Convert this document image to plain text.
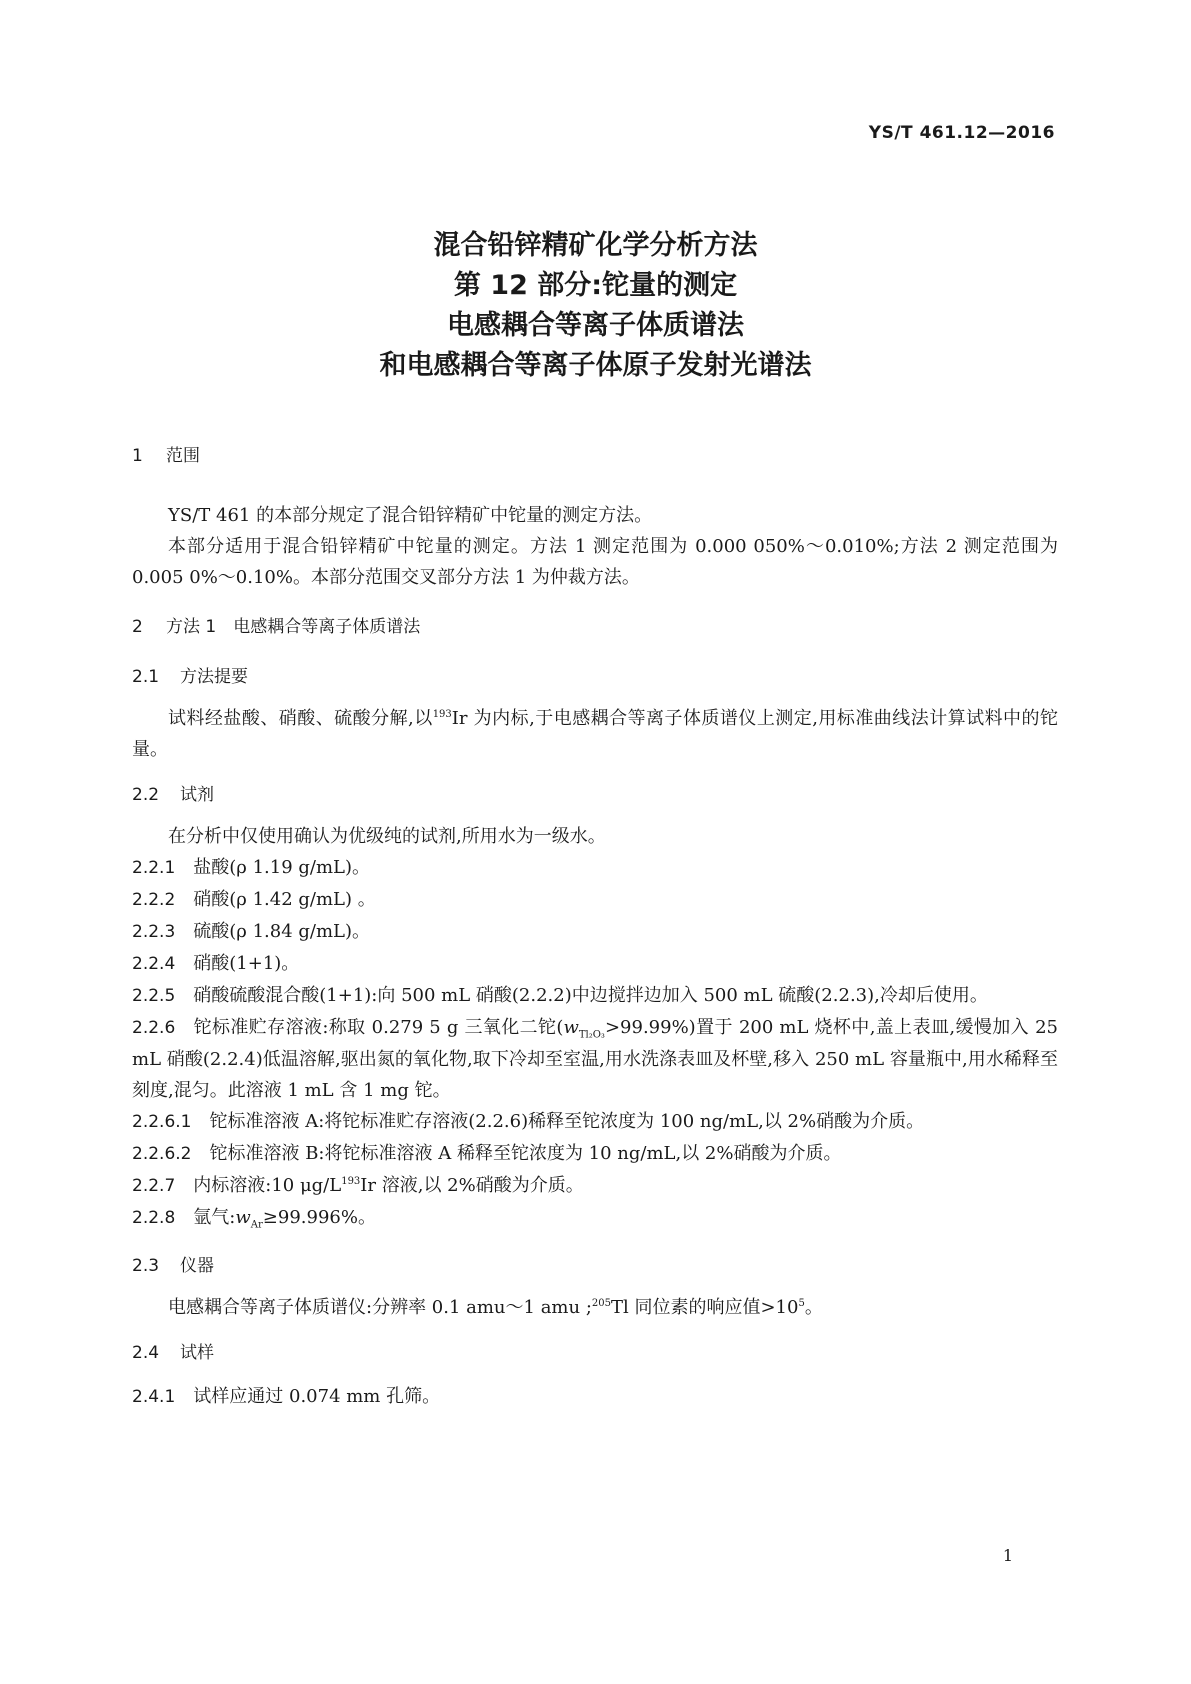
YS/T 461.12—2016
混合铅锌精矿化学分析方法
第 12 部分:铊量的测定
电感耦合等离子体质谱法
和电感耦合等离子体原子发射光谱法
1 范围
YS/T 461 的本部分规定了混合铅锌精矿中铊量的测定方法。
本部分适用于混合铅锌精矿中铊量的测定。方法 1 测定范围为 0.000 050%～0.010%;方法 2 测定范围为 0.005 0%～0.10%。本部分范围交叉部分方法 1 为仲裁方法。
2 方法 1　电感耦合等离子体质谱法
2.1 方法提要
试料经盐酸、硝酸、硫酸分解,以$^{193}$Ir 为内标,于电感耦合等离子体质谱仪上测定,用标准曲线法计算试料中的铊量。
2.2 试剂
在分析中仅使用确认为优级纯的试剂,所用水为一级水。
2.2.1 盐酸(ρ 1.19 g/mL)。
2.2.2 硝酸(ρ 1.42 g/mL) 。
2.2.3 硫酸(ρ 1.84 g/mL)。
2.2.4 硝酸(1+1)。
2.2.5 硝酸硫酸混合酸(1+1):向 500 mL 硝酸(2.2.2)中边搅拌边加入 500 mL 硫酸(2.2.3),冷却后使用。
2.2.6 铊标准贮存溶液:称取 0.279 5 g 三氧化二铊$(w_{Tl_2O_3}>99.99\%)$置于 200 mL 烧杯中,盖上表皿,缓慢加入 25 mL 硝酸(2.2.4)低温溶解,驱出氮的氧化物,取下冷却至室温,用水洗涤表皿及杯壁,移入 250 mL 容量瓶中,用水稀释至刻度,混匀。此溶液 1 mL 含 1 mg 铊。
2.2.6.1 铊标准溶液 A:将铊标准贮存溶液(2.2.6)稀释至铊浓度为 100 ng/mL,以 2%硝酸为介质。
2.2.6.2 铊标准溶液 B:将铊标准溶液 A 稀释至铊浓度为 10 ng/mL,以 2%硝酸为介质。
2.2.7 内标溶液:10 $\mu g/L^{193}Ir$ 溶液,以 2%硝酸为介质。
2.2.8 氩气$:w_{Ar}\ge 99.996\%$。
2.3 仪器
电感耦合等离子体质谱仪:分辨率 0.1 amu～1 amu ;$^{205}$Tl 同位素的响应值$>10^5$。
2.4 试样
2.4.1 试样应通过 0.074 mm 孔筛。
1
